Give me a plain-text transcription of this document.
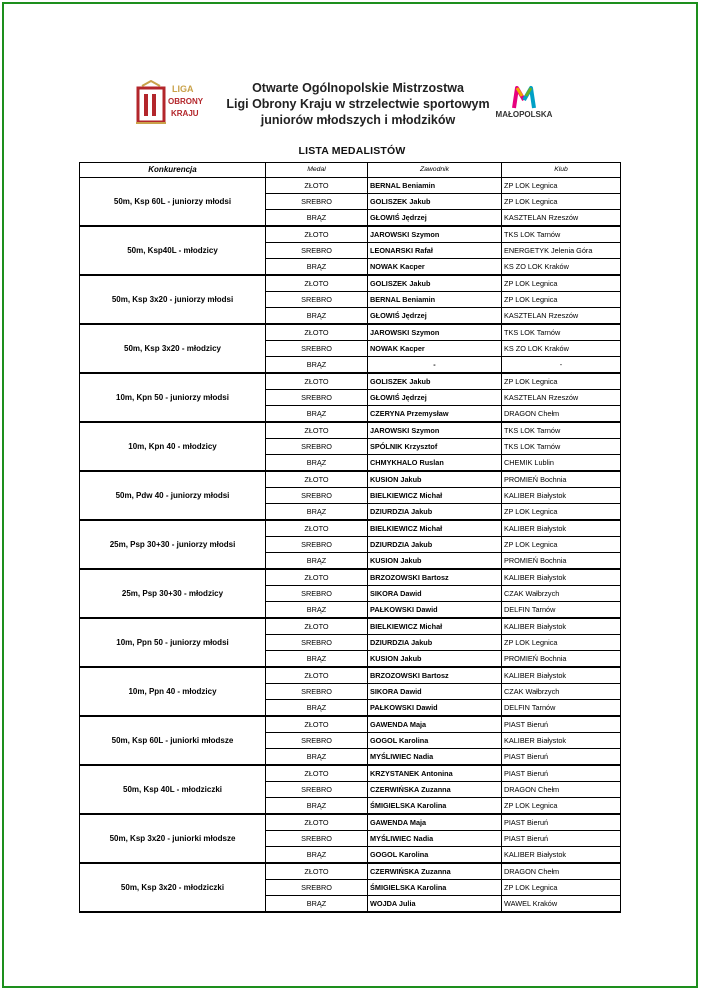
LIGA
OBRONY
KRAJU
Otwarte Ogólnopolskie Mistrzostwa
Ligi Obrony Kraju w strzelectwie sportowym
juniorów młodszych i młodzików	MAŁOPOLSKA
LISTA MEDALISTÓW
Konkurencja	Medal	Zawodnik	Klub
50m, Ksp 60L - juniorzy młodsi	ZŁOTO	BERNAL Beniamin	ZP LOK Legnica
	SREBRO	GOLISZEK Jakub	ZP LOK Legnica
	BRĄZ	GŁOWIŚ Jędrzej	KASZTELAN Rzeszów
50m, Ksp40L - młodzicy	ZŁOTO	JAROWSKI Szymon	TKS LOK Tarnów
	SREBRO	LEONARSKI Rafał	ENERGETYK Jelenia Góra
	BRĄZ	NOWAK Kacper	KS ZO LOK Kraków
50m, Ksp 3x20 - juniorzy młodsi	ZŁOTO	GOLISZEK Jakub	ZP LOK Legnica
	SREBRO	BERNAL Beniamin	ZP LOK Legnica
	BRĄZ	GŁOWIŚ Jędrzej	KASZTELAN Rzeszów
50m, Ksp 3x20 - młodzicy	ZŁOTO	JAROWSKI Szymon	TKS LOK Tarnów
	SREBRO	NOWAK Kacper	KS ZO LOK Kraków
	BRĄZ	-	-
10m, Kpn 50 - juniorzy młodsi	ZŁOTO	GOLISZEK Jakub	ZP LOK Legnica
	SREBRO	GŁOWIŚ Jędrzej	KASZTELAN Rzeszów
	BRĄZ	CZERYNA Przemysław	DRAGON Chełm
10m, Kpn 40 - młodzicy	ZŁOTO	JAROWSKI Szymon	TKS LOK Tarnów
	SREBRO	SPÓLNIK Krzysztof	TKS LOK Tarnów
	BRĄZ	CHMYKHALO Ruslan	CHEMIK Lublin
50m, Pdw 40 - juniorzy młodsi	ZŁOTO	KUSION Jakub	PROMIEŃ Bochnia
	SREBRO	BIELKIEWICZ Michał	KALIBER Białystok
	BRĄZ	DZIURDZIA Jakub	ZP LOK Legnica
25m, Psp 30+30 - juniorzy młodsi	ZŁOTO	BIELKIEWICZ Michał	KALIBER Białystok
	SREBRO	DZIURDZIA Jakub	ZP LOK Legnica
	BRĄZ	KUSION Jakub	PROMIEŃ Bochnia
25m, Psp 30+30 - młodzicy	ZŁOTO	BRZOZOWSKI Bartosz	KALIBER Białystok
	SREBRO	SIKORA Dawid	CZAK Wałbrzych
	BRĄZ	PAŁKOWSKI Dawid	DELFIN Tarnów
10m, Ppn 50 - juniorzy młodsi	ZŁOTO	BIELKIEWICZ Michał	KALIBER Białystok
	SREBRO	DZIURDZIA Jakub	ZP LOK Legnica
	BRĄZ	KUSION Jakub	PROMIEŃ Bochnia
10m, Ppn 40 - młodzicy	ZŁOTO	BRZOZOWSKI Bartosz	KALIBER Białystok
	SREBRO	SIKORA Dawid	CZAK Wałbrzych
	BRĄZ	PAŁKOWSKI Dawid	DELFIN Tarnów
50m, Ksp 60L - juniorki młodsze	ZŁOTO	GAWENDA Maja	PIAST Bieruń
	SREBRO	GOGOL Karolina	KALIBER Białystok
	BRĄZ	MYŚLIWIEC Nadia	PIAST Bieruń
50m, Ksp 40L - młodziczki	ZŁOTO	KRZYSTANEK Antonina	PIAST Bieruń
	SREBRO	CZERWIŃSKA Zuzanna	DRAGON Chełm
	BRĄZ	ŚMIGIELSKA Karolina	ZP LOK Legnica
50m, Ksp 3x20 - juniorki młodsze	ZŁOTO	GAWENDA Maja	PIAST Bieruń
	SREBRO	MYŚLIWIEC Nadia	PIAST Bieruń
	BRĄZ	GOGOL Karolina	KALIBER Białystok
50m, Ksp 3x20 - młodziczki	ZŁOTO	CZERWIŃSKA Zuzanna	DRAGON Chełm
	SREBRO	ŚMIGIELSKA Karolina	ZP LOK Legnica
	BRĄZ	WOJDA Julia	WAWEL Kraków
